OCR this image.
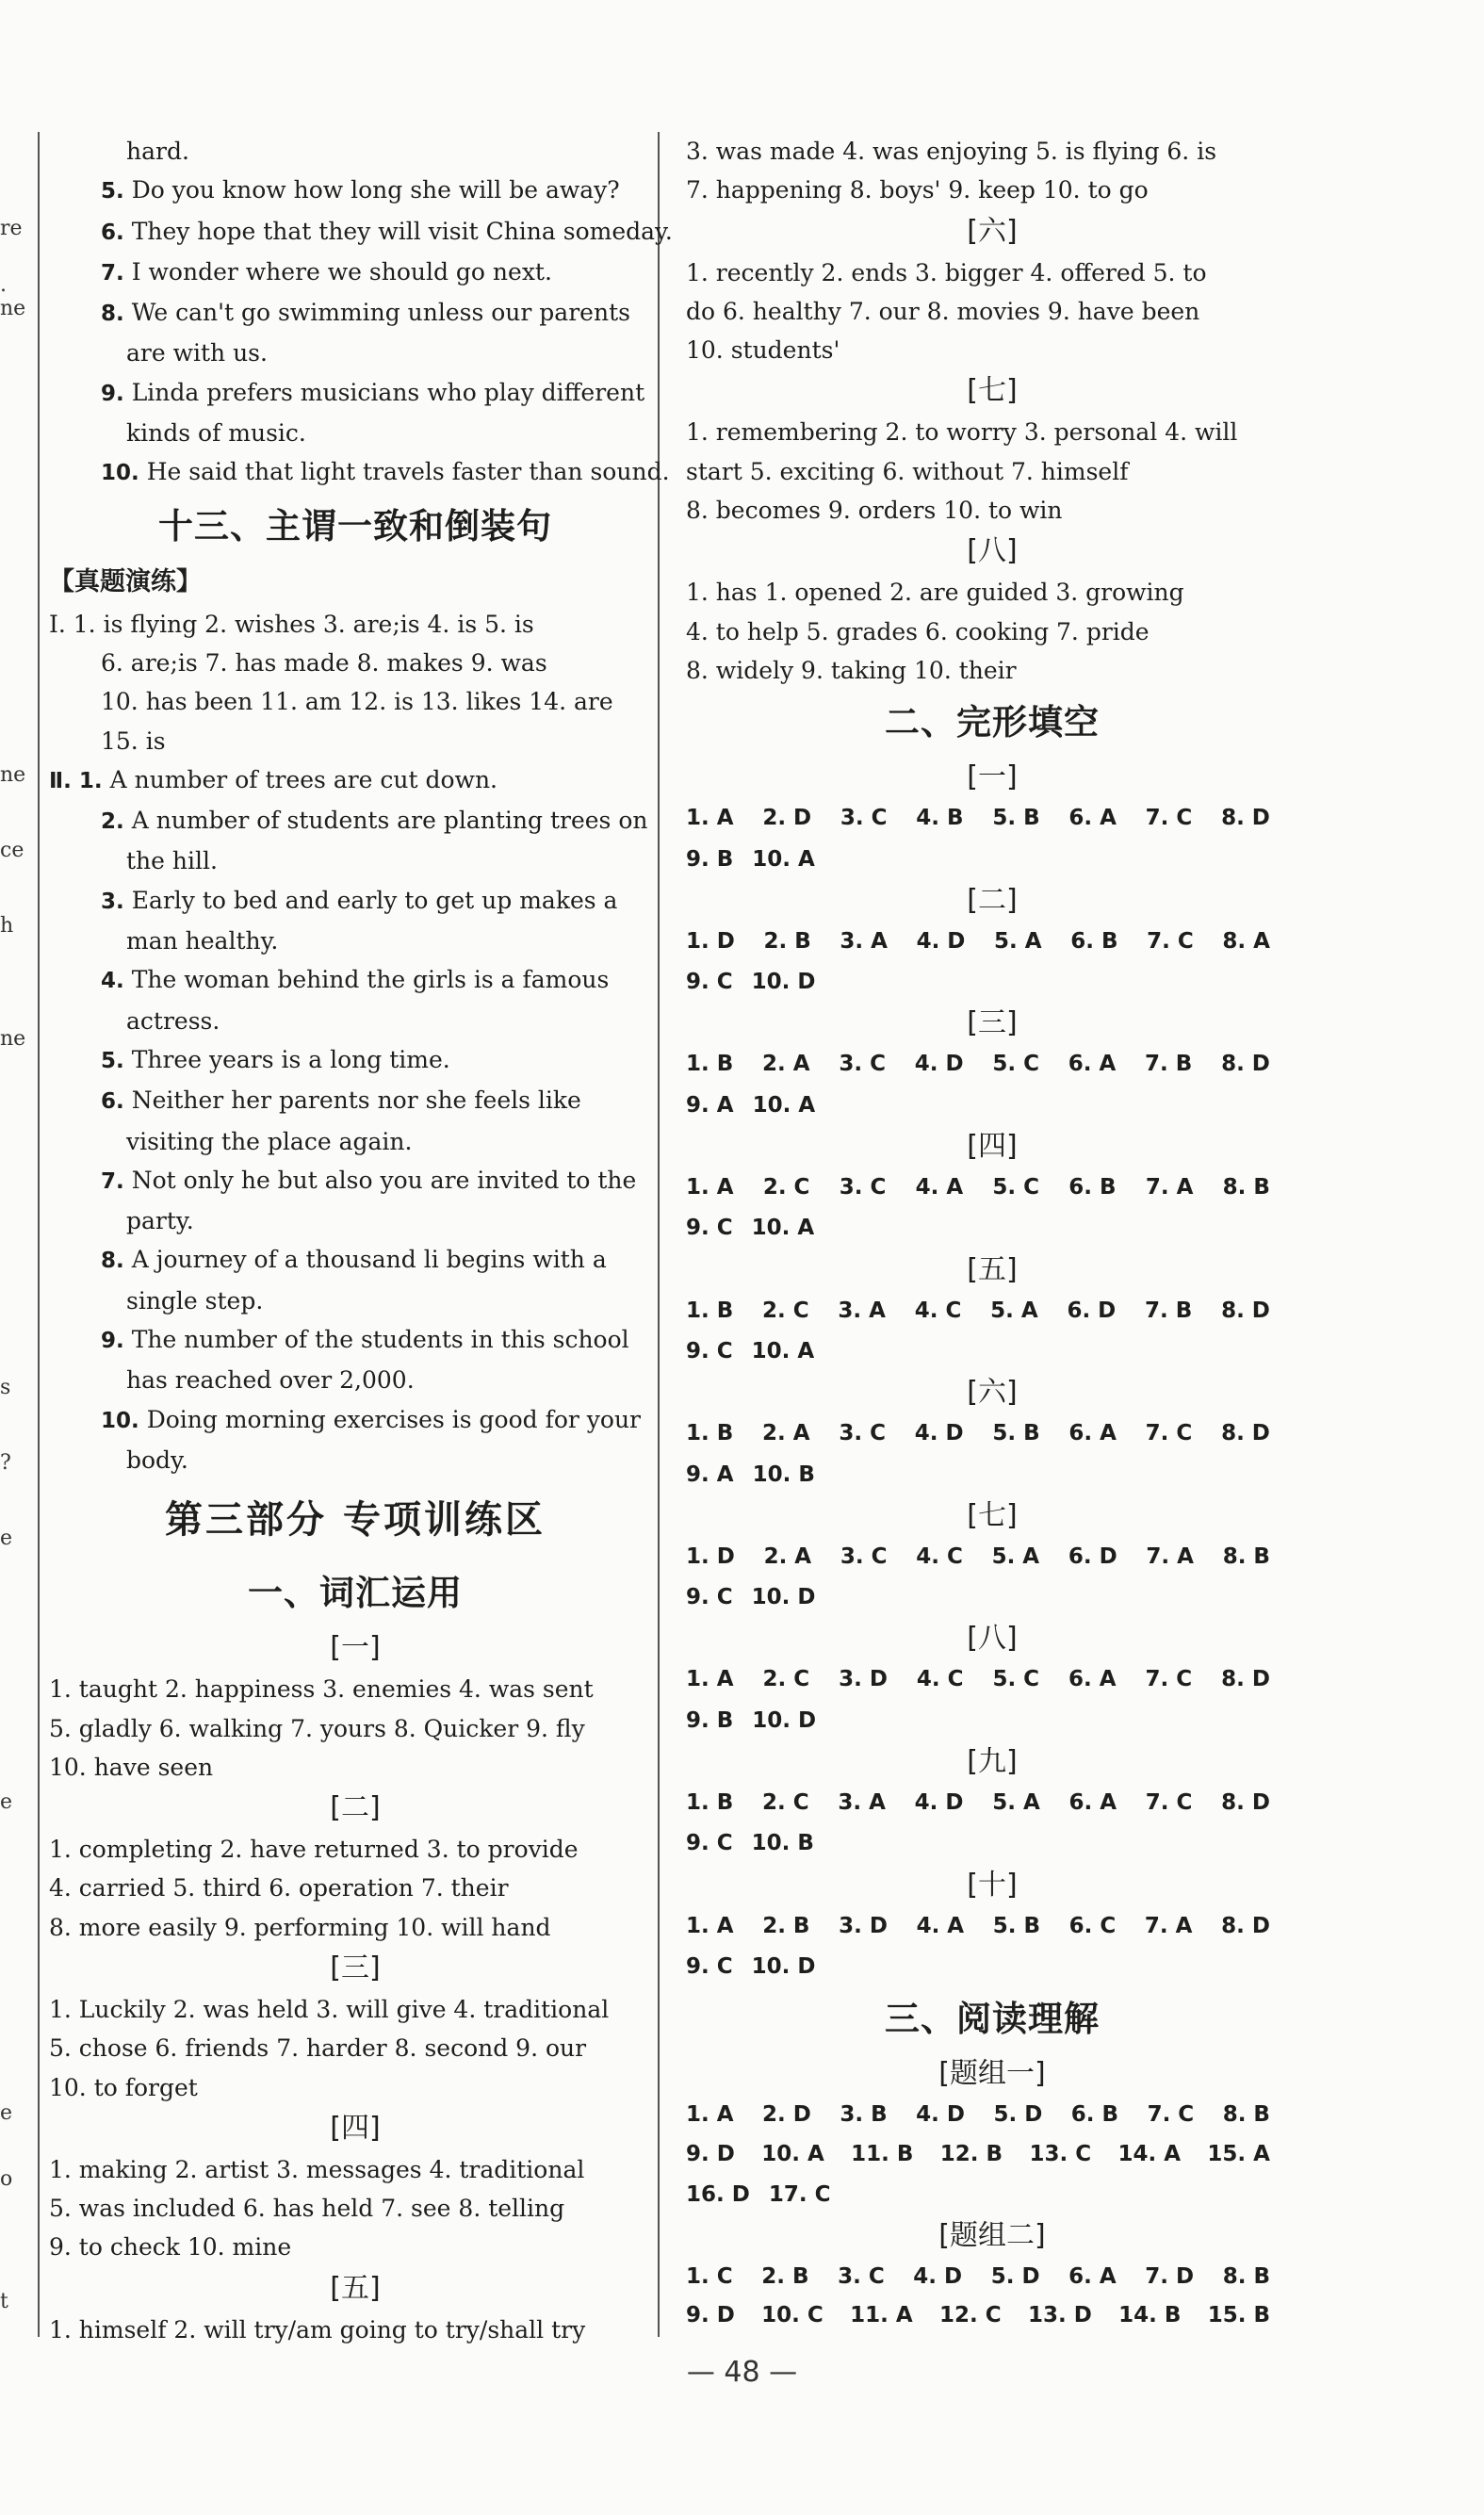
re
.
ne
ne
ce
h
ne
s
?
e
e
e
o
t
hard.
5. Do you know how long she will be away?
6. They hope that they will visit China someday.
7. I wonder where we should go next.
8. We can't go swimming unless our parents
are with us.
9. Linda prefers musicians who play different
kinds of music.
10. He said that light travels faster than sound.
十三、主谓一致和倒装句
【真题演练】
Ⅰ. 1. is flying 2. wishes 3. are;is 4. is 5. is
6. are;is 7. has made 8. makes 9. was
10. has been 11. am 12. is 13. likes 14. are
15. is
Ⅱ. 1. A number of trees are cut down.
2. A number of students are planting trees on
the hill.
3. Early to bed and early to get up makes a
man healthy.
4. The woman behind the girls is a famous
actress.
5. Three years is a long time.
6. Neither her parents nor she feels like
visiting the place again.
7. Not only he but also you are invited to the
party.
8. A journey of a thousand li begins with a
single step.
9. The number of the students in this school
has reached over 2,000.
10. Doing morning exercises is good for your
body.
第三部分 专项训练区
一、词汇运用
[一]
1. taught 2. happiness 3. enemies 4. was sent
5. gladly 6. walking 7. yours 8. Quicker 9. fly
10. have seen
[二]
1. completing 2. have returned 3. to provide
4. carried 5. third 6. operation 7. their
8. more easily 9. performing 10. will hand
[三]
1. Luckily 2. was held 3. will give 4. traditional
5. chose 6. friends 7. harder 8. second 9. our
10. to forget
[四]
1. making 2. artist 3. messages 4. traditional
5. was included 6. has held 7. see 8. telling
9. to check 10. mine
[五]
1. himself 2. will try/am going to try/shall try
3. was made 4. was enjoying 5. is flying 6. is
7. happening 8. boys' 9. keep 10. to go
[六]
1. recently 2. ends 3. bigger 4. offered 5. to
do 6. healthy 7. our 8. movies 9. have been
10. students'
[七]
1. remembering 2. to worry 3. personal 4. will
start 5. exciting 6. without 7. himself
8. becomes 9. orders 10. to win
[八]
1. has 1. opened 2. are guided 3. growing
4. to help 5. grades 6. cooking 7. pride
8. widely 9. taking 10. their
二、完形填空
[一]
1. A 2. D 3. C 4. B 5. B 6. A 7. C 8. D
9. B 10. A
[二]
1. D 2. B 3. A 4. D 5. A 6. B 7. C 8. A
9. C 10. D
[三]
1. B 2. A 3. C 4. D 5. C 6. A 7. B 8. D
9. A 10. A
[四]
1. A 2. C 3. C 4. A 5. C 6. B 7. A 8. B
9. C 10. A
[五]
1. B 2. C 3. A 4. C 5. A 6. D 7. B 8. D
9. C 10. A
[六]
1. B 2. A 3. C 4. D 5. B 6. A 7. C 8. D
9. A 10. B
[七]
1. D 2. A 3. C 4. C 5. A 6. D 7. A 8. B
9. C 10. D
[八]
1. A 2. C 3. D 4. C 5. C 6. A 7. C 8. D
9. B 10. D
[九]
1. B 2. C 3. A 4. D 5. A 6. A 7. C 8. D
9. C 10. B
[十]
1. A 2. B 3. D 4. A 5. B 6. C 7. A 8. D
9. C 10. D
三、阅读理解
[题组一]
1. A 2. D 3. B 4. D 5. D 6. B 7. C 8. B
9. D 10. A 11. B 12. B 13. C 14. A 15. A
16. D 17. C
[题组二]
1. C 2. B 3. C 4. D 5. D 6. A 7. D 8. B
9. D 10. C 11. A 12. C 13. D 14. B 15. B
— 48 —
